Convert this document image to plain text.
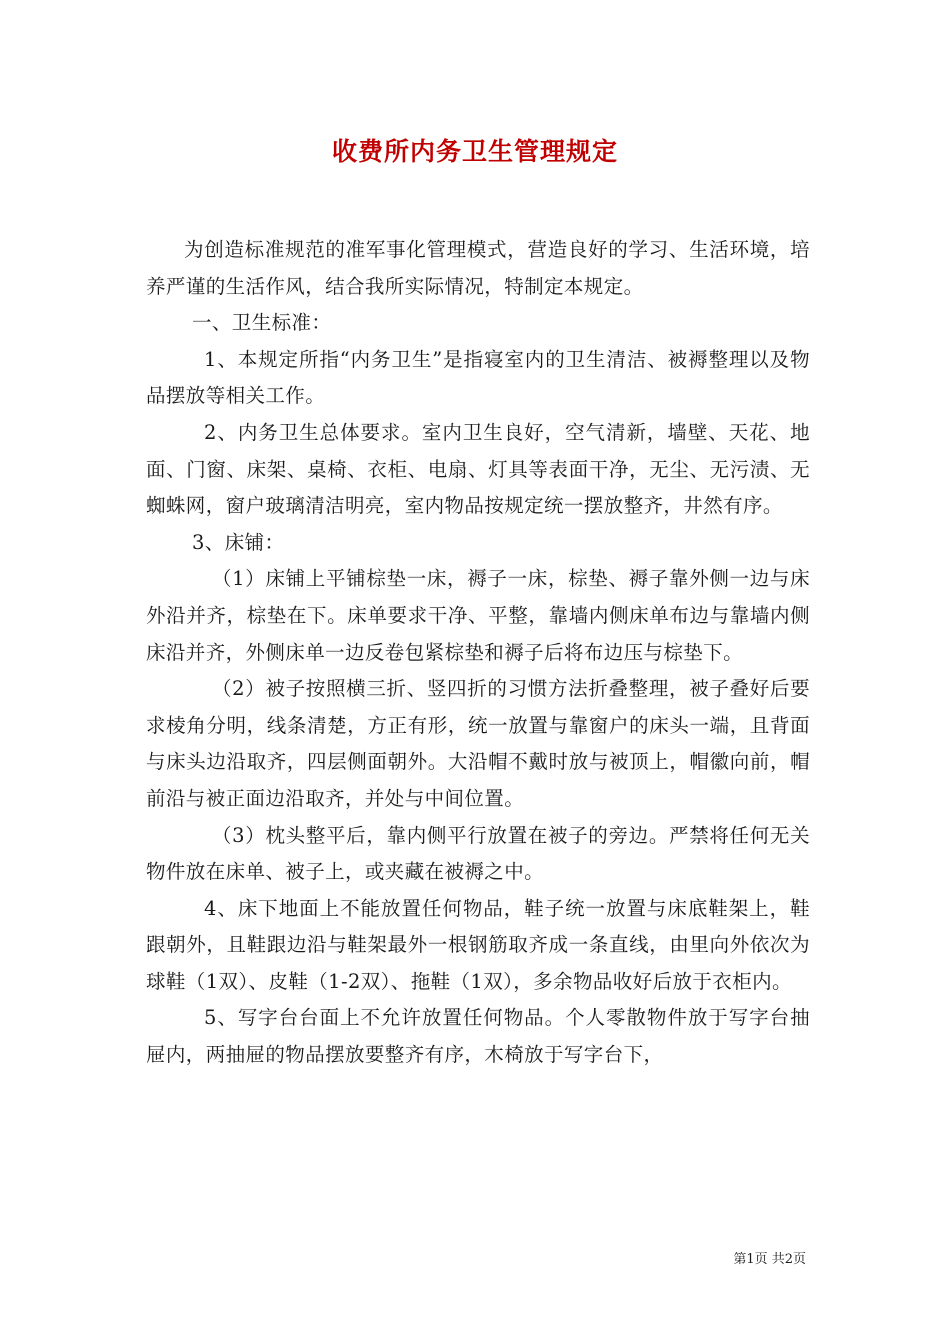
收费所内务卫生管理规定

为创造标准规范的准军事化管理模式，营造良好的学习、生活环境，培养严谨的生活作风，结合我所实际情况，特制定本规定。

一、卫生标准：

1、本规定所指“内务卫生”是指寝室内的卫生清洁、被褥整理以及物品摆放等相关工作。

2、内务卫生总体要求。室内卫生良好，空气清新，墙壁、天花、地面、门窗、床架、桌椅、衣柜、电扇、灯具等表面干净，无尘、无污渍、无蜘蛛网，窗户玻璃清洁明亮，室内物品按规定统一摆放整齐，井然有序。

3、床铺：

（1）床铺上平铺棕垫一床，褥子一床，棕垫、褥子靠外侧一边与床外沿并齐，棕垫在下。床单要求干净、平整，靠墙内侧床单布边与靠墙内侧床沿并齐，外侧床单一边反卷包紧棕垫和褥子后将布边压与棕垫下。

（2）被子按照横三折、竖四折的习惯方法折叠整理，被子叠好后要求棱角分明，线条清楚，方正有形，统一放置与靠窗户的床头一端，且背面与床头边沿取齐，四层侧面朝外。大沿帽不戴时放与被顶上，帽徽向前，帽前沿与被正面边沿取齐，并处与中间位置。

（3）枕头整平后，靠内侧平行放置在被子的旁边。严禁将任何无关物件放在床单、被子上，或夹藏在被褥之中。

4、床下地面上不能放置任何物品，鞋子统一放置与床底鞋架上，鞋跟朝外，且鞋跟边沿与鞋架最外一根钢筋取齐成一条直线，由里向外依次为球鞋（1双）、皮鞋（1-2双）、拖鞋（1双），多余物品收好后放于衣柜内。

5、写字台台面上不允许放置任何物品。个人零散物件放于写字台抽屉内，两抽屉的物品摆放要整齐有序，木椅放于写字台下，

第1页 共2页
